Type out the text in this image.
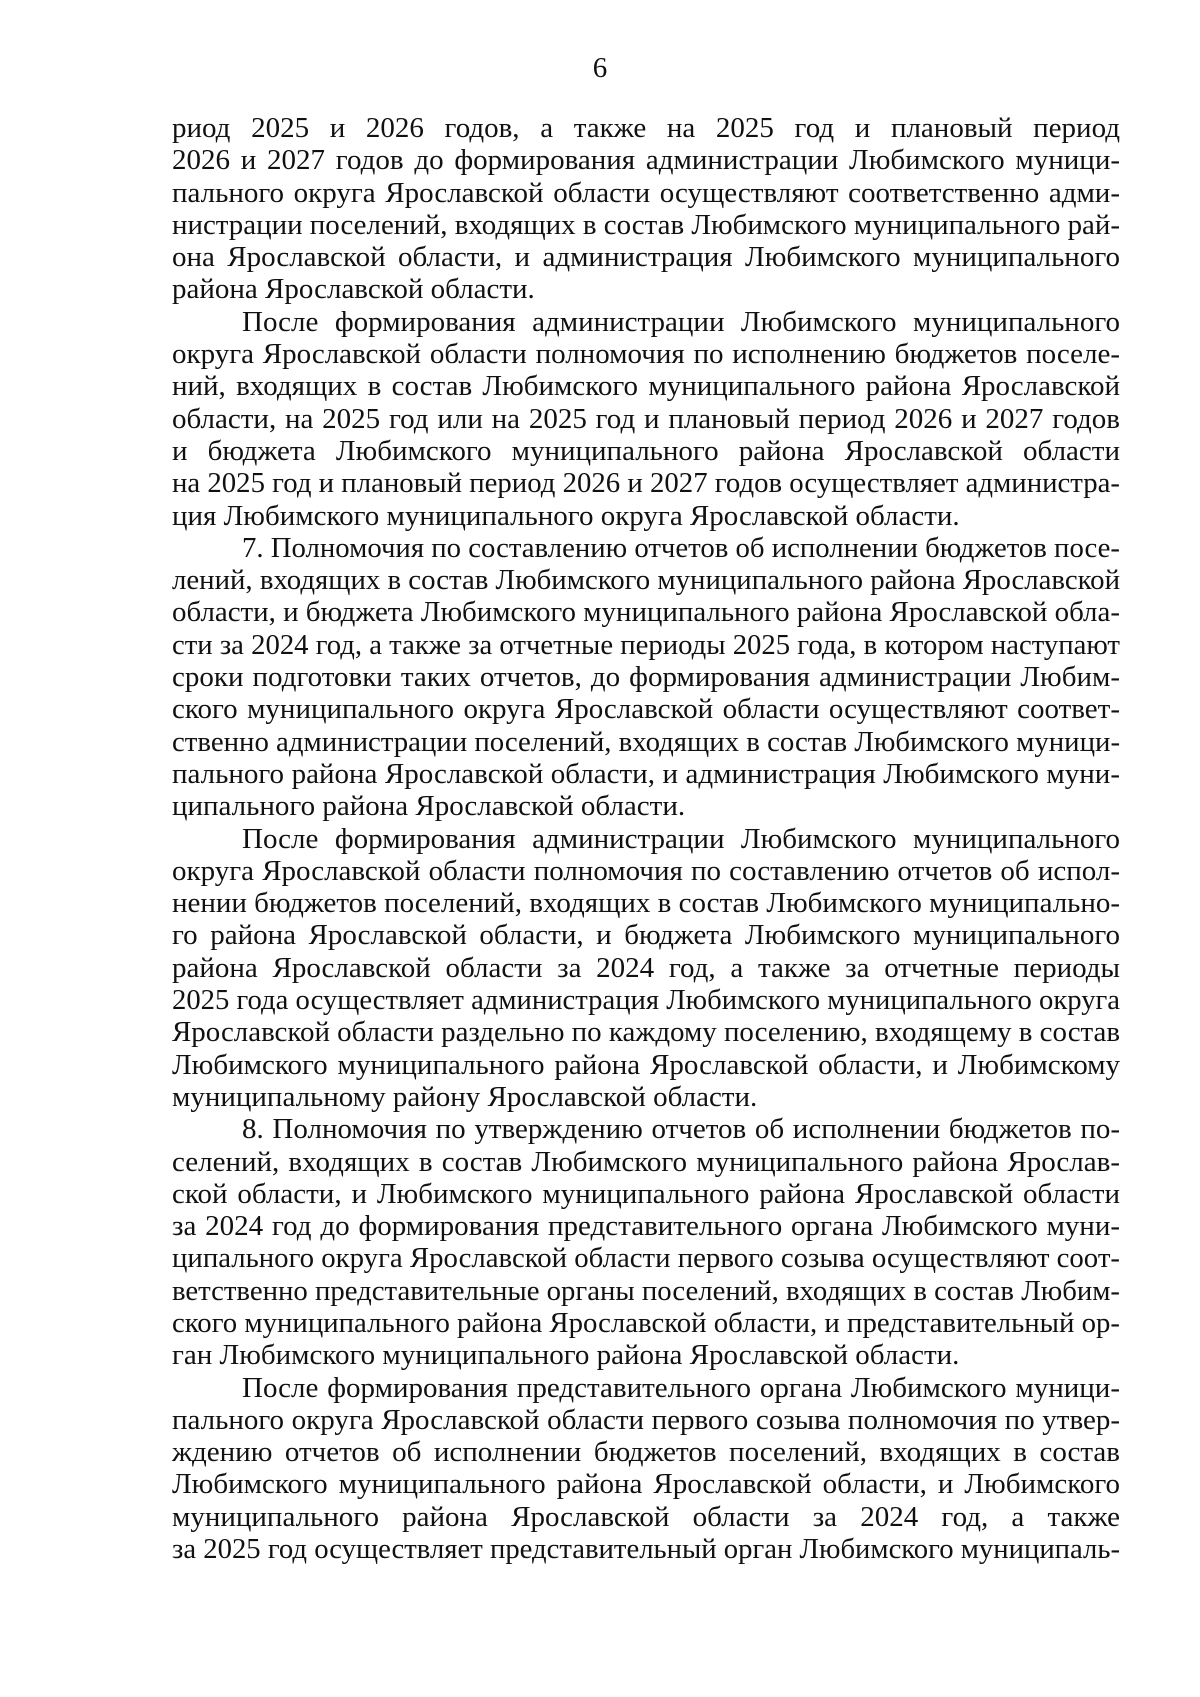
6
риод 2025 и 2026 годов, а также на 2025 год и плановый период
2026 и 2027 годов до формирования администрации Любимского муници-
пального округа Ярославской области осуществляют соответственно адми-
нистрации поселений, входящих в состав Любимского муниципального рай-
она Ярославской области, и администрация Любимского муниципального
района Ярославской области.
После формирования администрации Любимского муниципального
округа Ярославской области полномочия по исполнению бюджетов поселе-
ний, входящих в состав Любимского муниципального района Ярославской
области, на 2025 год или на 2025 год и плановый период 2026 и 2027 годов
и бюджета Любимского муниципального района Ярославской области
на 2025 год и плановый период 2026 и 2027 годов осуществляет администра-
ция Любимского муниципального округа Ярославской области.
7. Полномочия по составлению отчетов об исполнении бюджетов посе-
лений, входящих в состав Любимского муниципального района Ярославской
области, и бюджета Любимского муниципального района Ярославской обла-
сти за 2024 год, а также за отчетные периоды 2025 года, в котором наступают
сроки подготовки таких отчетов, до формирования администрации Любим-
ского муниципального округа Ярославской области осуществляют соответ-
ственно администрации поселений, входящих в состав Любимского муници-
пального района Ярославской области, и администрация Любимского муни-
ципального района Ярославской области.
После формирования администрации Любимского муниципального
округа Ярославской области полномочия по составлению отчетов об испол-
нении бюджетов поселений, входящих в состав Любимского муниципально-
го района Ярославской области, и бюджета Любимского муниципального
района Ярославской области за 2024 год, а также за отчетные периоды
2025 года осуществляет администрация Любимского муниципального округа
Ярославской области раздельно по каждому поселению, входящему в состав
Любимского муниципального района Ярославской области, и Любимскому
муниципальному району Ярославской области.
8. Полномочия по утверждению отчетов об исполнении бюджетов по-
селений, входящих в состав Любимского муниципального района Ярослав-
ской области, и Любимского муниципального района Ярославской области
за 2024 год до формирования представительного органа Любимского муни-
ципального округа Ярославской области первого созыва осуществляют соот-
ветственно представительные органы поселений, входящих в состав Любим-
ского муниципального района Ярославской области, и представительный ор-
ган Любимского муниципального района Ярославской области.
После формирования представительного органа Любимского муници-
пального округа Ярославской области первого созыва полномочия по утвер-
ждению отчетов об исполнении бюджетов поселений, входящих в состав
Любимского муниципального района Ярославской области, и Любимского
муниципального района Ярославской области за 2024 год, а также
за 2025 год осуществляет представительный орган Любимского муниципаль-
